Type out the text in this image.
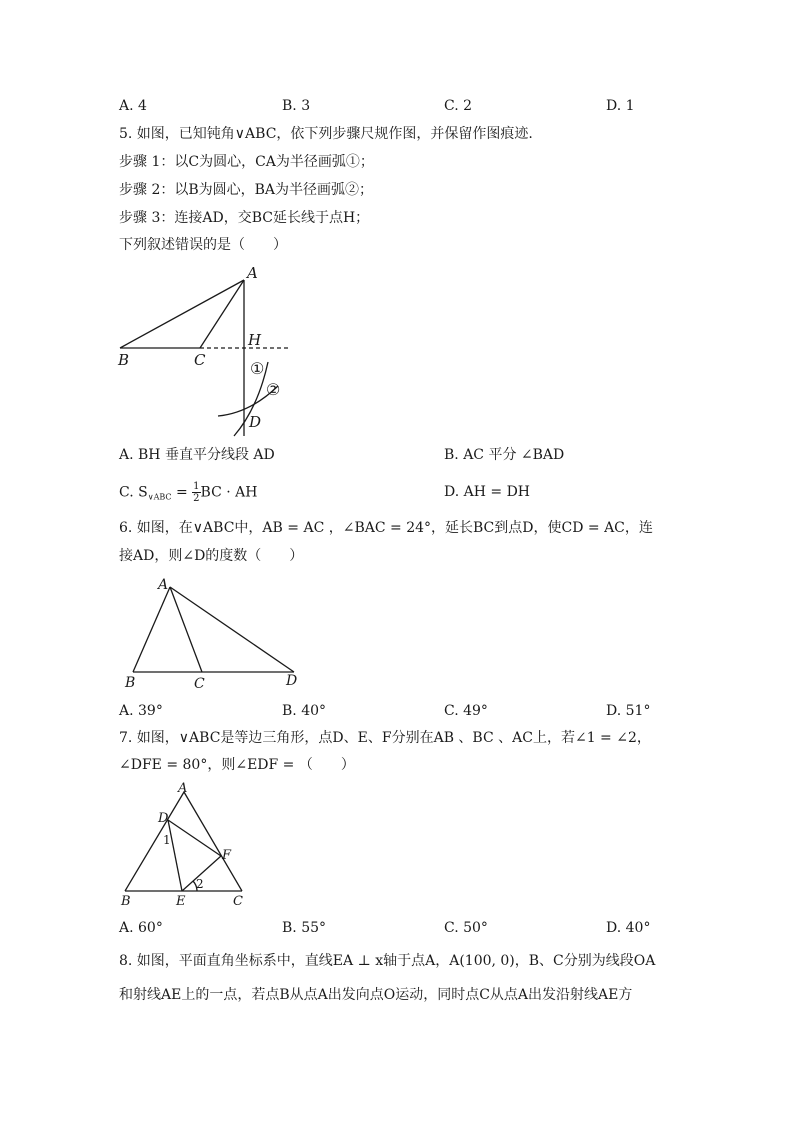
A. 4	B. 3	C. 2	D. 1
5. 如图，已知钝角∨ABC，依下列步骤尺规作图，并保留作图痕迹.
步骤 1：以C为圆心，CA为半径画弧①；
步骤 2：以B为圆心，BA为半径画弧②；
步骤 3：连接AD，交BC延长线于点H；
下列叙述错误的是（　　）
A
B	C
H
D
①
②
A. BH 垂直平分线段 AD	B. AC 平分 ∠BAD
C. $S_{\vee ABC} = \frac{1}{2}$ BC · AH	D. AH = DH
6. 如图，在∨ABC中，AB = AC ，∠BAC = 24°，延长BC到点D，使CD = AC，连
接AD，则∠D的度数（　　）
A
B	C	D
A. 39°	B. 40°	C. 49°	D. 51°
7. 如图，∨ABC是等边三角形，点D、E、F分别在AB 、BC 、AC上，若∠1 = ∠2，
∠DFE = 80°，则∠EDF = （　　）
A
B	C
D
E
F
1
2
A. 60°	B. 55°	C. 50°	D. 40°
8. 如图，平面直角坐标系中，直线EA ⊥ x轴于点A，A(100, 0)，B、C分别为线段OA
和射线AE上的一点，若点B从点A出发向点O运动，同时点C从点A出发沿射线AE方
